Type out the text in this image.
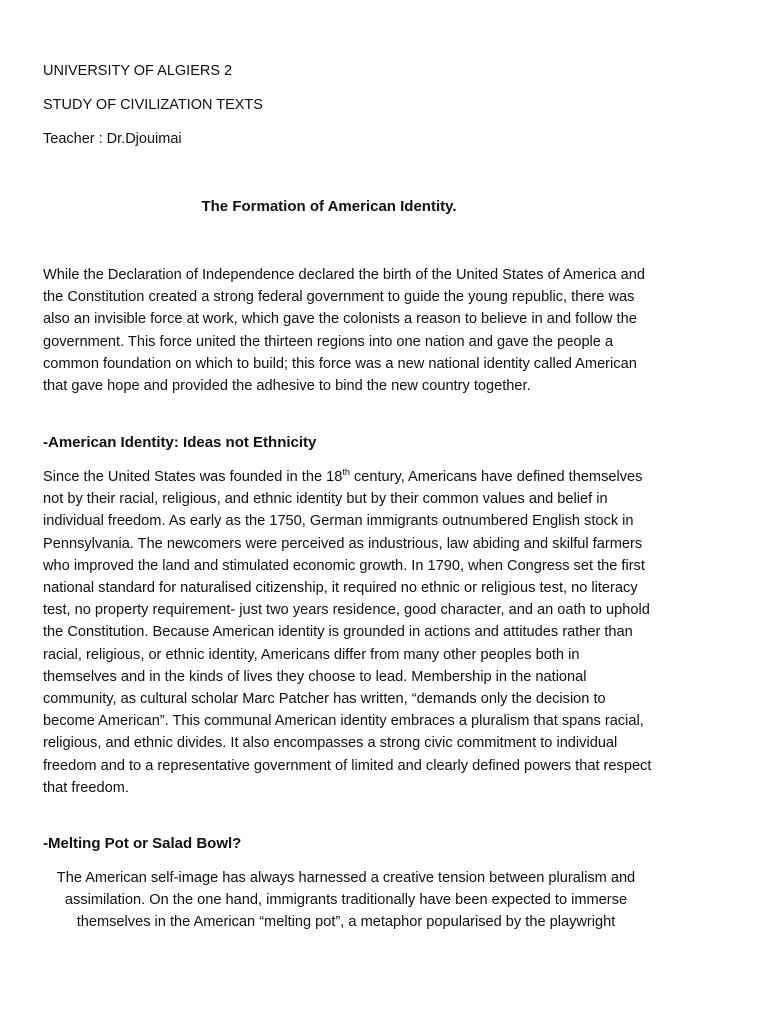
UNIVERSITY OF ALGIERS 2
STUDY OF CIVILIZATION TEXTS
Teacher : Dr.Djouimai
The Formation of American Identity.

While the Declaration of Independence declared the birth of the United States of America and the Constitution created a strong federal government to guide the young republic, there was also an invisible force at work, which gave the colonists a reason to believe in and follow the government. This force united the thirteen regions into one nation and gave the people a common foundation on which to build; this force was a new national identity called American that gave hope and provided the adhesive to bind the new country together.

-American Identity: Ideas not Ethnicity

Since the United States was founded in the 18th century, Americans have defined themselves not by their racial, religious, and ethnic identity but by their common values and belief in individual freedom. As early as the 1750, German immigrants outnumbered English stock in Pennsylvania. The newcomers were perceived as industrious, law abiding and skilful farmers who improved the land and stimulated economic growth. In 1790, when Congress set the first national standard for naturalised citizenship, it required no ethnic or religious test, no literacy test, no property requirement- just two years residence, good character, and an oath to uphold the Constitution. Because American identity is grounded in actions and attitudes rather than racial, religious, or ethnic identity, Americans differ from many other peoples both in themselves and in the kinds of lives they choose to lead. Membership in the national community, as cultural scholar Marc Patcher has written, “demands only the decision to become American”. This communal American identity embraces a pluralism that spans racial, religious, and ethnic divides. It also encompasses a strong civic commitment to individual freedom and to a representative government of limited and clearly defined powers that respect that freedom.

-Melting Pot or Salad Bowl?

The American self-image has always harnessed a creative tension between pluralism and assimilation. On the one hand, immigrants traditionally have been expected to immerse themselves in the American “melting pot”, a metaphor popularised by the playwright
